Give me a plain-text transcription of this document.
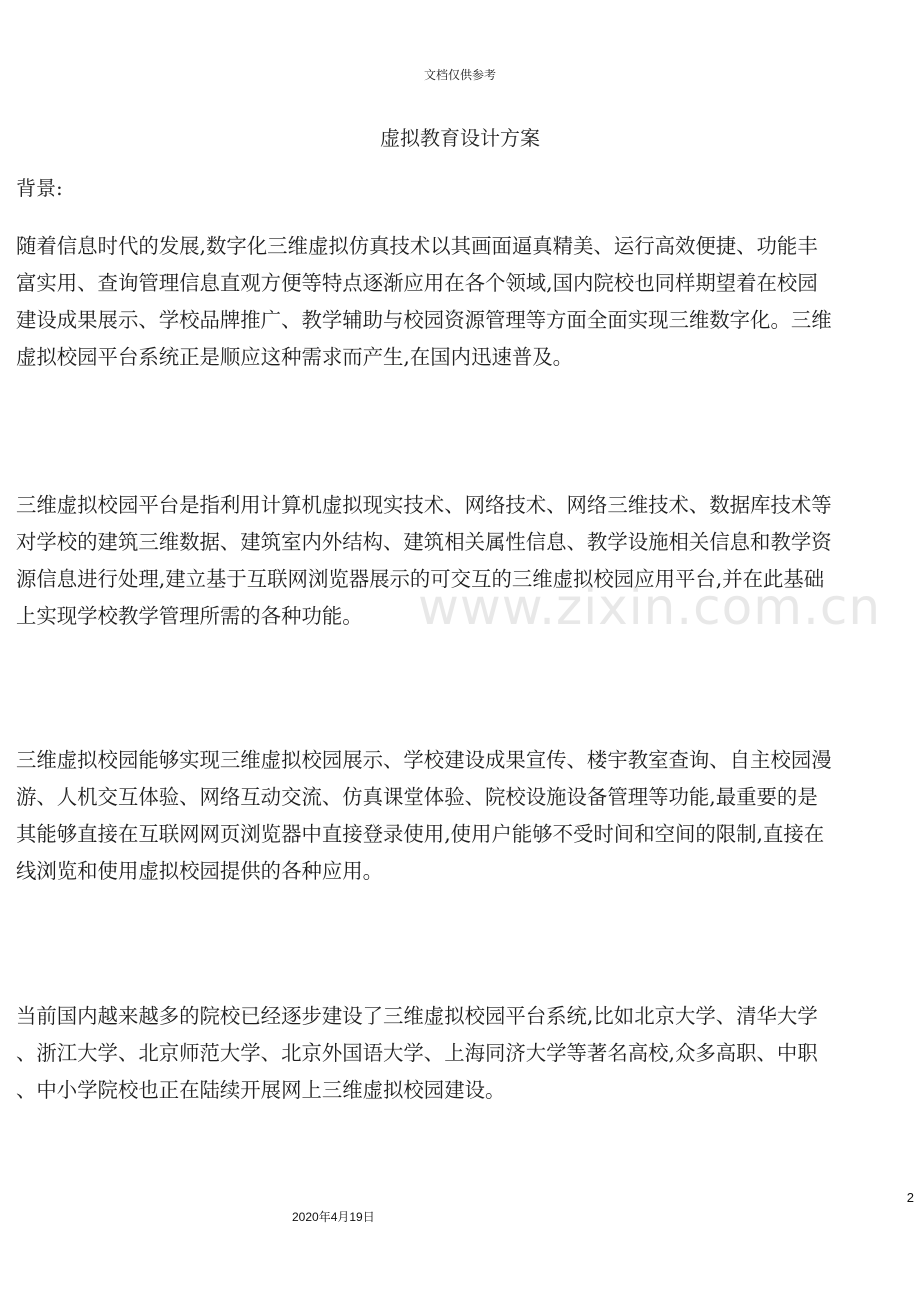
文档仅供参考
虚拟教育设计方案
背景:
随着信息时代的发展,数字化三维虚拟仿真技术以其画面逼真精美、运行高效便捷、功能丰
富实用、查询管理信息直观方便等特点逐渐应用在各个领域,国内院校也同样期望着在校园
建设成果展示、学校品牌推广、教学辅助与校园资源管理等方面全面实现三维数字化。三维
虚拟校园平台系统正是顺应这种需求而产生,在国内迅速普及。
三维虚拟校园平台是指利用计算机虚拟现实技术、网络技术、网络三维技术、数据库技术等
对学校的建筑三维数据、建筑室内外结构、建筑相关属性信息、教学设施相关信息和教学资
源信息进行处理,建立基于互联网浏览器展示的可交互的三维虚拟校园应用平台,并在此基础
上实现学校教学管理所需的各种功能。
三维虚拟校园能够实现三维虚拟校园展示、学校建设成果宣传、楼宇教室查询、自主校园漫
游、人机交互体验、网络互动交流、仿真课堂体验、院校设施设备管理等功能,最重要的是
其能够直接在互联网网页浏览器中直接登录使用,使用户能够不受时间和空间的限制,直接在
线浏览和使用虚拟校园提供的各种应用。
当前国内越来越多的院校已经逐步建设了三维虚拟校园平台系统,比如北京大学、清华大学
、浙江大学、北京师范大学、北京外国语大学、上海同济大学等著名高校,众多高职、中职
、中小学院校也正在陆续开展网上三维虚拟校园建设。
www.zixin.com.cn
2
2020年4月19日
